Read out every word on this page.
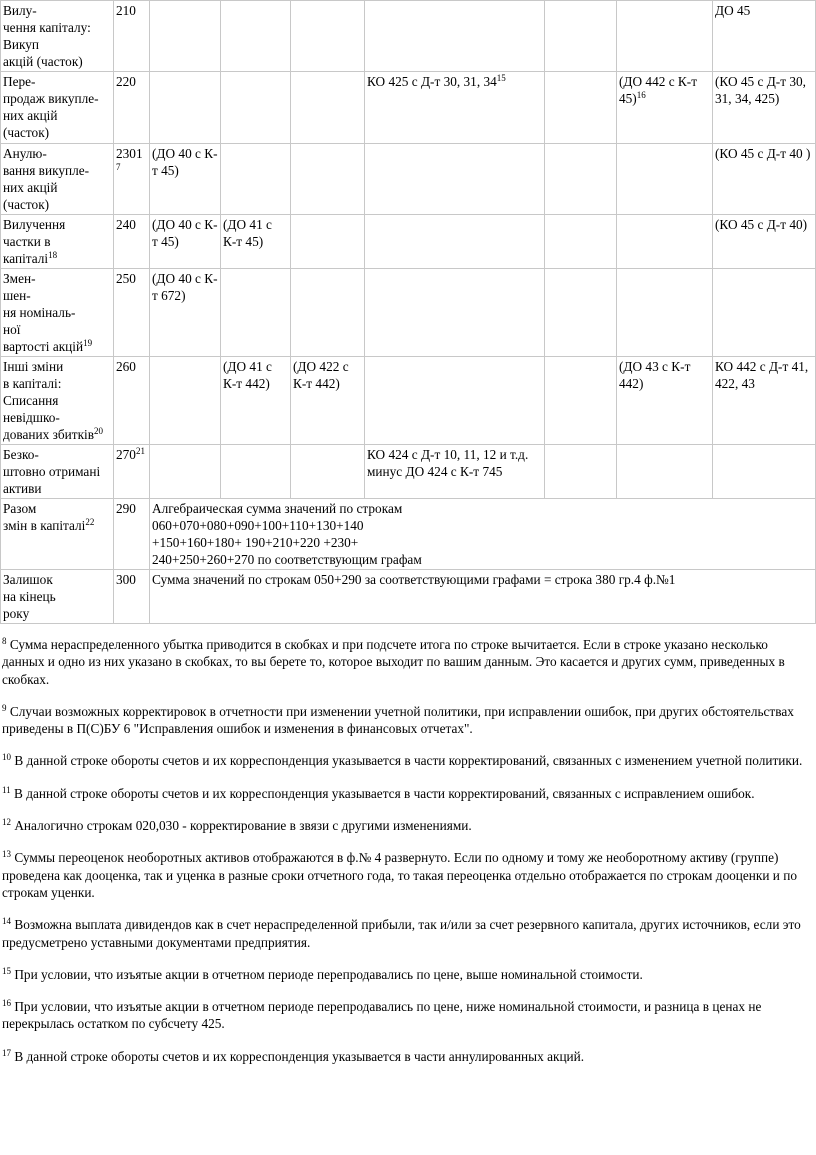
Вилу-
чення капіталу:
Викуп
акцій (часток)	210							ДО 45	
Пере-
продаж викупле-
них акцій
(часток)	220				КО 425 с Д-т 30, 31, $34^{15}$		(ДО 442 с К-т 45)$^{16}$	(КО 45 с Д-т 30, 31, 34, 425)	
Анулю-
вання викупле-
них акцій
(часток)	2301$^7$	(ДО 40 с К-т 45)						(КО 45 с Д-т 40 )	
Вилучення
частки в
капіталі$^{18}$	240	(ДО 40 с К-т 45)	(ДО 41 с К-т 45)					(КО 45 с Д-т 40)	
Змен-
шен-
ня номіналь-
ної
вартості акцій$^{19}$	250	(ДО 40 с К-т 672)							
Інші зміни
в капіталі:
Списання
невідшко-
дованих збитків$^{20}$	260		(ДО 41 с К-т 442)	(ДО 422 с К-т 442)			(ДО 43 с К-т 442)	КО 442 с Д-т 41, 422, 43	
Безко-
штовно отримані
активи	$270^{21}$				КО 424 с Д-т 10, 11, 12 и т.д. минус ДО 424 с К-т 745				
Разом
змін в капіталі$^{22}$	290	Алгебраическая сумма значений по строкам
060+070+080+090+100+110+130+140
+150+160+180+ 190+210+220 +230+
240+250+260+270 по соответствующим графам							
Залишок
на кінець
року	300	Сумма значений по строкам 050+290 за соответствующими графами = строка 380 гр.4 ф.№1							

$^8$ Сумма нераспределенного убытка приводится в скобках и при подсчете итога по строке вычитается. Если в строке указано несколько данных и одно из них указано в скобках, то вы берете то, которое выходит по вашим данным. Это касается и других сумм, приведенных в скобках.

$^9$ Случаи возможных корректировок в отчетности при изменении учетной политики, при исправлении ошибок, при других обстоятельствах приведены в П(С)БУ 6 "Исправления ошибок и изменения в финансовых отчетах".

$^{10}$ В данной строке обороты счетов и их корреспонденция указывается в части корректирований, связанных с изменением учетной политики.

$^{11}$ В данной строке обороты счетов и их корреспонденция указывается в части корректирований, связанных с исправлением ошибок.

$^{12}$ Аналогично строкам 020,030 - корректирование в звязи с другими изменениями.

$^{13}$ Суммы переоценок необоротных активов отображаются в ф.№ 4 развернуто. Если по одному и тому же необоротному активу (группе) проведена как дооценка, так и уценка в разные сроки отчетного года, то такая переоценка отдельно отображается по строкам дооценки и по строкам уценки.

$^{14}$ Возможна выплата дивидендов как в счет нераспределенной прибыли, так и/или за счет резервного капитала, других источников, если это предусметрено уставными документами предприятия.

$^{15}$ При условии, что изъятые акции в отчетном периоде перепродавались по цене, выше номинальной стоимости.

$^{16}$ При условии, что изъятые акции в отчетном периоде перепродавались по цене, ниже номинальной стоимости, и разница в ценах не перекрылась остатком по субсчету 425.

$^{17}$ В данной строке обороты счетов и их корреспонденция указывается в части аннулированных акций.
